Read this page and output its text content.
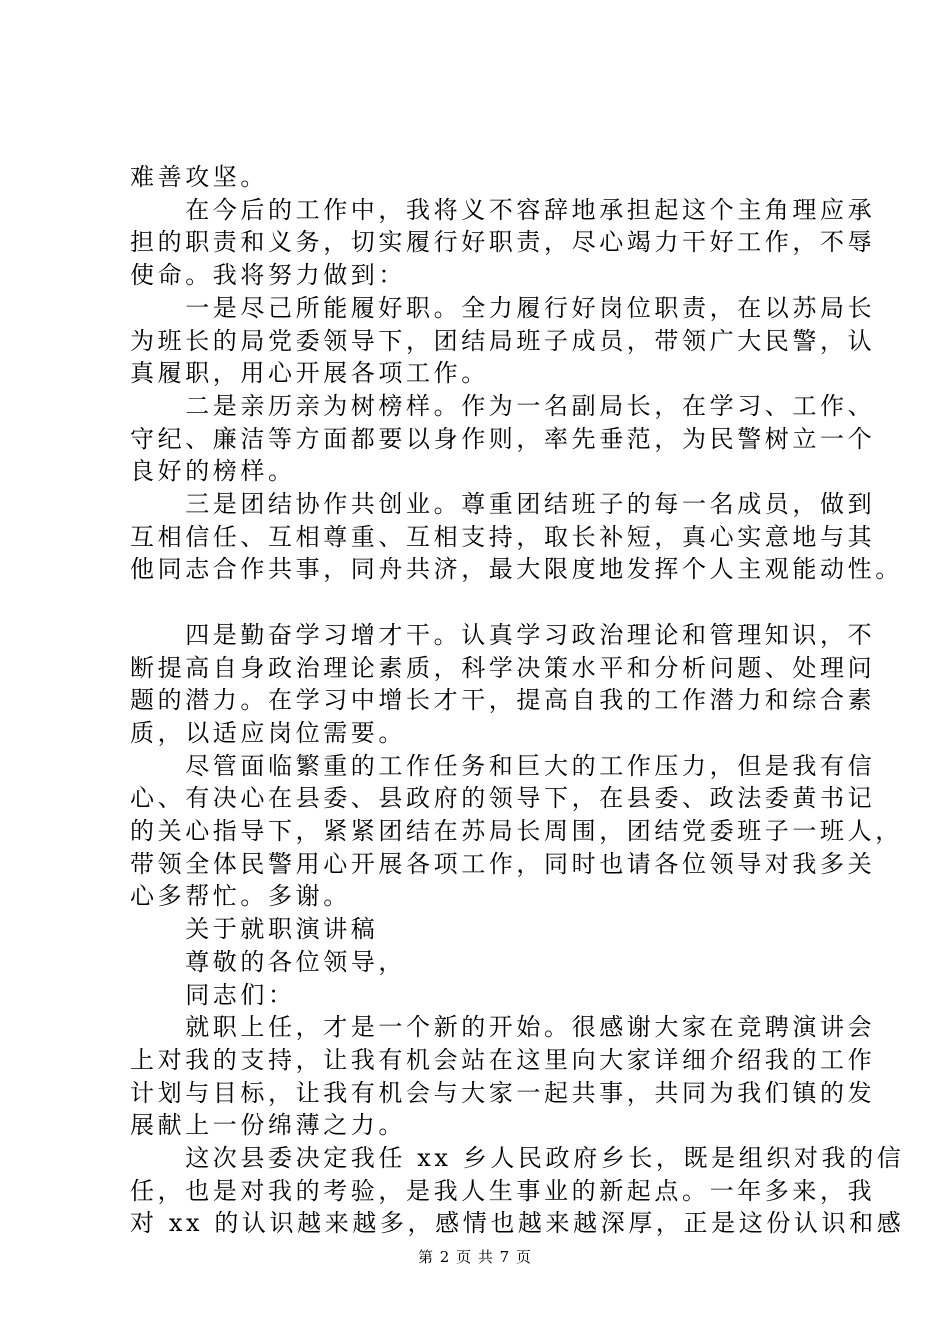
难善攻坚。

　　在今后的工作中，我将义不容辞地承担起这个主角理应承
担的职责和义务，切实履行好职责，尽心竭力干好工作，不辱
使命。我将努力做到：

　　一是尽己所能履好职。全力履行好岗位职责，在以苏局长
为班长的局党委领导下，团结局班子成员，带领广大民警，认
真履职，用心开展各项工作。

　　二是亲历亲为树榜样。作为一名副局长，在学习、工作、
守纪、廉洁等方面都要以身作则，率先垂范，为民警树立一个
良好的榜样。

　　三是团结协作共创业。尊重团结班子的每一名成员，做到
互相信任、互相尊重、互相支持，取长补短，真心实意地与其
他同志合作共事，同舟共济，最大限度地发挥个人主观能动性。

　　四是勤奋学习增才干。认真学习政治理论和管理知识，不
断提高自身政治理论素质，科学决策水平和分析问题、处理问
题的潜力。在学习中增长才干，提高自我的工作潜力和综合素
质，以适应岗位需要。

　　尽管面临繁重的工作任务和巨大的工作压力，但是我有信
心、有决心在县委、县政府的领导下，在县委、政法委黄书记
的关心指导下，紧紧团结在苏局长周围，团结党委班子一班人，
带领全体民警用心开展各项工作，同时也请各位领导对我多关
心多帮忙。多谢。

　　关于就职演讲稿

　　尊敬的各位领导，

　　同志们：

　　就职上任，才是一个新的开始。很感谢大家在竞聘演讲会
上对我的支持，让我有机会站在这里向大家详细介绍我的工作
计划与目标，让我有机会与大家一起共事，共同为我们镇的发
展献上一份绵薄之力。

　　这次县委决定我任 xx 乡人民政府乡长，既是组织对我的信
任，也是对我的考验，是我人生事业的新起点。一年多来，我
对 xx 的认识越来越多，感情也越来越深厚，正是这份认识和感

第 2 页 共 7 页
